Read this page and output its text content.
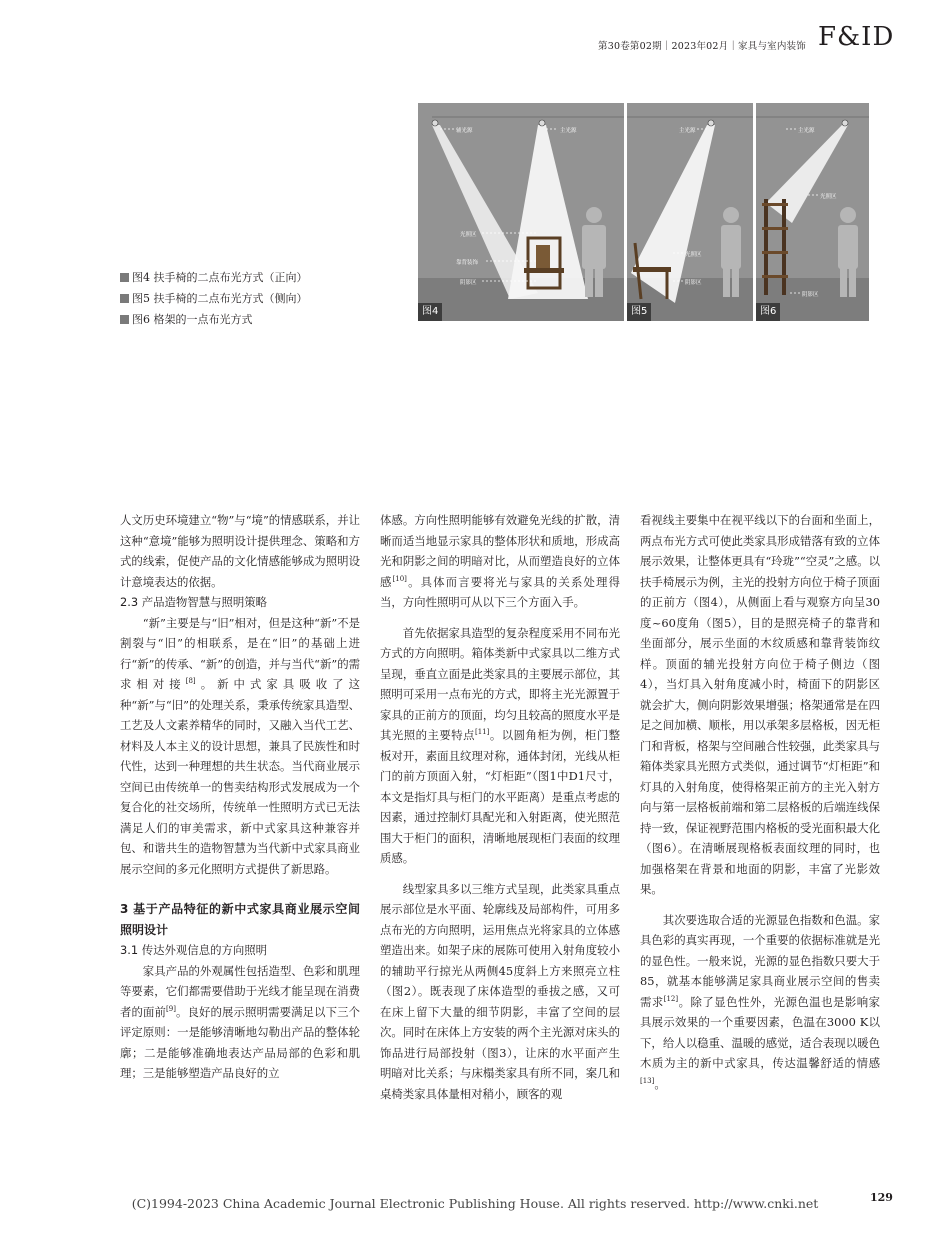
第30卷第02期｜2023年02月｜家具与室内装饰 F&ID
图4 扶手椅的二点布光方式（正向）
图5 扶手椅的二点布光方式（侧向）
图6 格架的一点布光方式
辅光源	主光源
光照区
靠背装饰
阴影区
图4
主光源
光照区
阴影区
图5
主光源
光照区
阴影区
图6

人文历史环境建立“物”与“境”的情感联系，并让这种“意境”能够为照明设计提供理念、策略和方式的线索，促使产品的文化情感能够成为照明设计意境表达的依据。

2.3 产品造物智慧与照明策略

“新”主要是与“旧”相对，但是这种“新”不是割裂与“旧”的相联系，是在“旧”的基础上进行“新”的传承、“新”的创造，并与当代“新”的需求相对接[8]。新中式家具吸收了这种“新”与“旧”的处理关系，秉承传统家具造型、工艺及人文素养精华的同时，又融入当代工艺、材料及人本主义的设计思想，兼具了民族性和时代性，达到一种理想的共生状态。当代商业展示空间已由传统单一的售卖结构形式发展成为一个复合化的社交场所，传统单一性照明方式已无法满足人们的审美需求，新中式家具这种兼容并包、和谐共生的造物智慧为当代新中式家具商业展示空间的多元化照明方式提供了新思路。

3 基于产品特征的新中式家具商业展示空间照明设计

3.1 传达外观信息的方向照明

家具产品的外观属性包括造型、色彩和肌理等要素，它们都需要借助于光线才能呈现在消费者的面前[9]。良好的展示照明需要满足以下三个评定原则：一是能够清晰地勾勒出产品的整体轮廓；二是能够准确地表达产品局部的色彩和肌理；三是能够塑造产品良好的立

体感。方向性照明能够有效避免光线的扩散，清晰而适当地显示家具的整体形状和质地，形成高光和阴影之间的明暗对比，从而塑造良好的立体感[10]。具体而言要将光与家具的关系处理得当，方向性照明可从以下三个方面入手。

首先依据家具造型的复杂程度采用不同布光方式的方向照明。箱体类新中式家具以二维方式呈现，垂直立面是此类家具的主要展示部位，其照明可采用一点布光的方式，即将主光光源置于家具的正前方的顶面，均匀且较高的照度水平是其光照的主要特点[11]。以圆角柜为例，柜门整板对开，素面且纹理对称，通体封闭，光线从柜门的前方顶面入射，“灯柜距”（图1中D1尺寸，本文是指灯具与柜门的水平距离）是重点考虑的因素，通过控制灯具配光和入射距离，使光照范围大于柜门的面积，清晰地展现柜门表面的纹理质感。

线型家具多以三维方式呈现，此类家具重点展示部位是水平面、轮廓线及局部构件，可用多点布光的方向照明，运用焦点光将家具的立体感塑造出来。如架子床的展陈可使用入射角度较小的辅助平行掠光从两侧45度斜上方来照亮立柱（图2）。既表现了床体造型的垂拔之感，又可在床上留下大量的细节阴影，丰富了空间的层次。同时在床体上方安装的两个主光源对床头的饰品进行局部投射（图3），让床的水平面产生明暗对比关系；与床榻类家具有所不同，案几和桌椅类家具体量相对稍小，顾客的观

看视线主要集中在视平线以下的台面和坐面上，两点布光方式可使此类家具形成错落有致的立体展示效果，让整体更具有“玲珑”“空灵”之感。以扶手椅展示为例，主光的投射方向位于椅子顶面的正前方（图4），从侧面上看与观察方向呈30度~60度角（图5），目的是照亮椅子的靠背和坐面部分，展示坐面的木纹质感和靠背装饰纹样。顶面的辅光投射方向位于椅子侧边（图4），当灯具入射角度减小时，椅面下的阴影区就会扩大，侧向阴影效果增强；格架通常是在四足之间加横、顺枨，用以承架多层格板，因无柜门和背板，格架与空间融合性较强，此类家具与箱体类家具光照方式类似，通过调节“灯柜距”和灯具的入射角度，使得格架正前方的主光入射方向与第一层格板前端和第二层格板的后端连线保持一致，保证视野范围内格板的受光面积最大化（图6）。在清晰展现格板表面纹理的同时，也加强格架在背景和地面的阴影，丰富了光影效果。

其次要选取合适的光源显色指数和色温。家具色彩的真实再现，一个重要的依据标准就是光的显色性。一般来说，光源的显色指数只要大于85，就基本能够满足家具商业展示空间的售卖需求[12]。除了显色性外，光源色温也是影响家具展示效果的一个重要因素，色温在3000 K以下，给人以稳重、温暖的感觉，适合表现以暖色木质为主的新中式家具，传达温馨舒适的情感[13]。

(C)1994-2023 China Academic Journal Electronic Publishing House. All rights reserved. http://www.cnki.net	129
